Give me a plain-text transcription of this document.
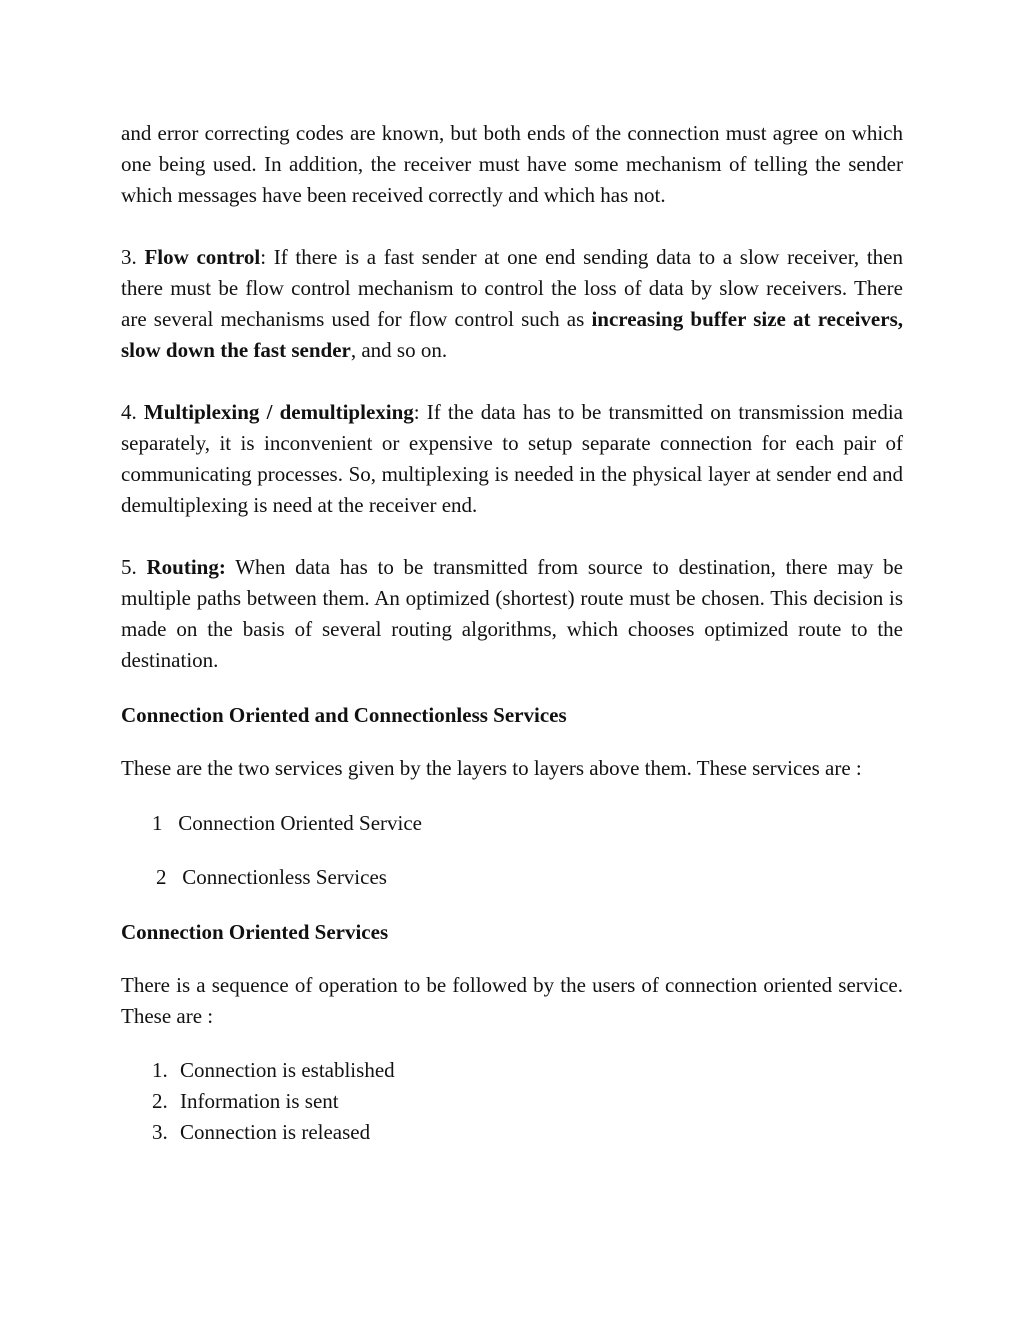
and error correcting codes are known, but both ends of the connection must agree on which one being used. In addition, the receiver must have some mechanism of telling the sender which messages have been received correctly and which has not.

3. Flow control: If there is a fast sender at one end sending data to a slow receiver, then there must be flow control mechanism to control the loss of data by slow receivers. There are several mechanisms used for flow control such as increasing buffer size at receivers, slow down the fast sender, and so on.

4. Multiplexing / demultiplexing: If the data has to be transmitted on transmission media separately, it is inconvenient or expensive to setup separate connection for each pair of communicating processes. So, multiplexing is needed in the physical layer at sender end and demultiplexing is need at the receiver end.

5. Routing: When data has to be transmitted from source to destination, there may be multiple paths between them. An optimized (shortest) route must be chosen. This decision is made on the basis of several routing algorithms, which chooses optimized route to the destination.

Connection Oriented and Connectionless Services

These are the two services given by the layers to layers above them. These services are :

1 Connection Oriented Service

2 Connectionless Services

Connection Oriented Services

There is a sequence of operation to be followed by the users of connection oriented service. These are :

1. Connection is established
2. Information is sent
3. Connection is released
